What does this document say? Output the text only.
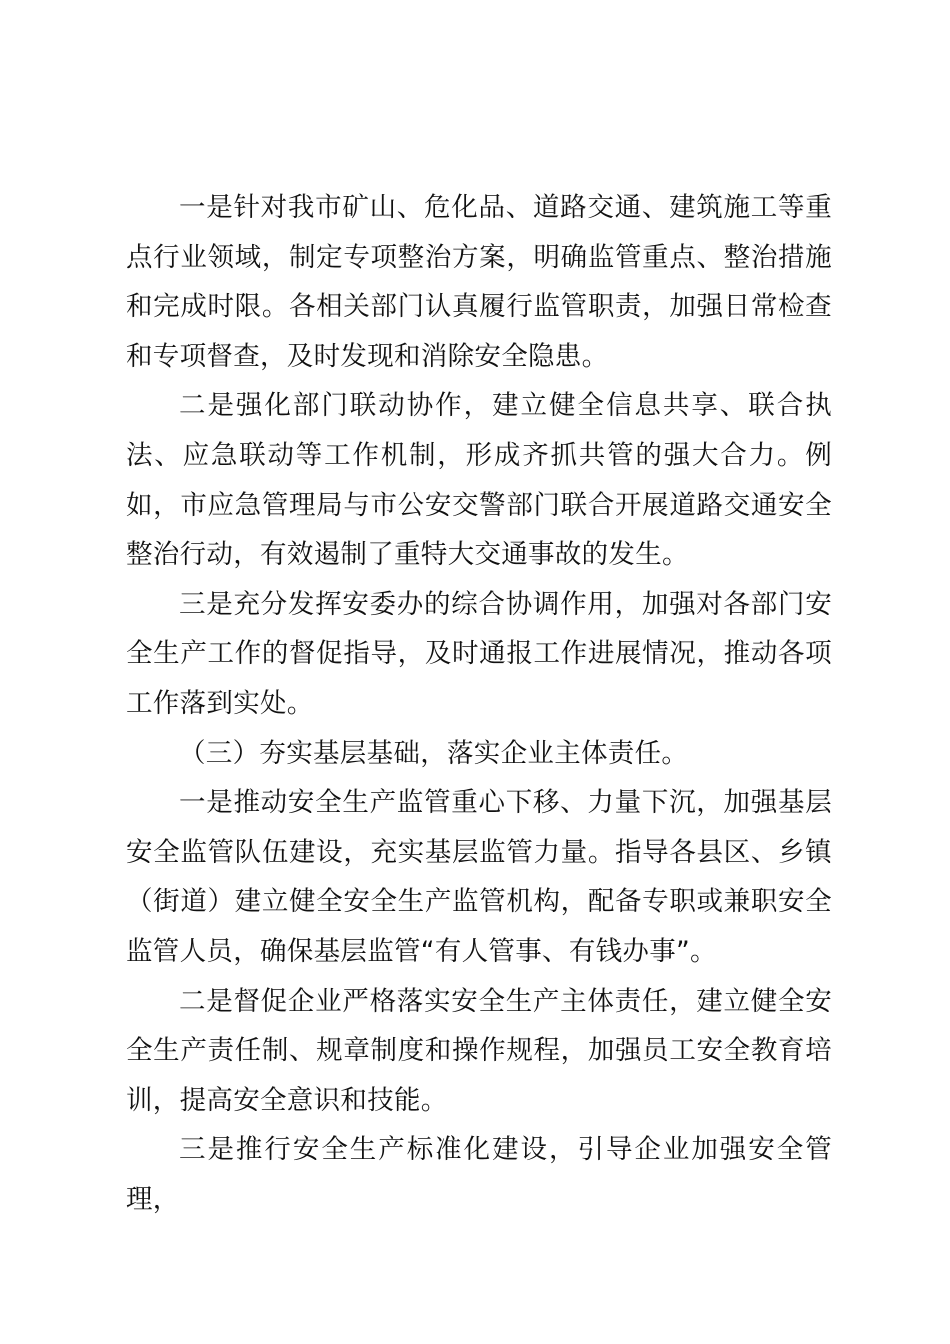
一是针对我市矿山、危化品、道路交通、建筑施工等重点行业领域，制定专项整治方案，明确监管重点、整治措施和完成时限。各相关部门认真履行监管职责，加强日常检查和专项督查，及时发现和消除安全隐患。

二是强化部门联动协作，建立健全信息共享、联合执法、应急联动等工作机制，形成齐抓共管的强大合力。例如，市应急管理局与市公安交警部门联合开展道路交通安全整治行动，有效遏制了重特大交通事故的发生。

三是充分发挥安委办的综合协调作用，加强对各部门安全生产工作的督促指导，及时通报工作进展情况，推动各项工作落到实处。

（三）夯实基层基础，落实企业主体责任。

一是推动安全生产监管重心下移、力量下沉，加强基层安全监管队伍建设，充实基层监管力量。指导各县区、乡镇（街道）建立健全安全生产监管机构，配备专职或兼职安全监管人员，确保基层监管“有人管事、有钱办事”。

二是督促企业严格落实安全生产主体责任，建立健全安全生产责任制、规章制度和操作规程，加强员工安全教育培训，提高安全意识和技能。

三是推行安全生产标准化建设，引导企业加强安全管理，
